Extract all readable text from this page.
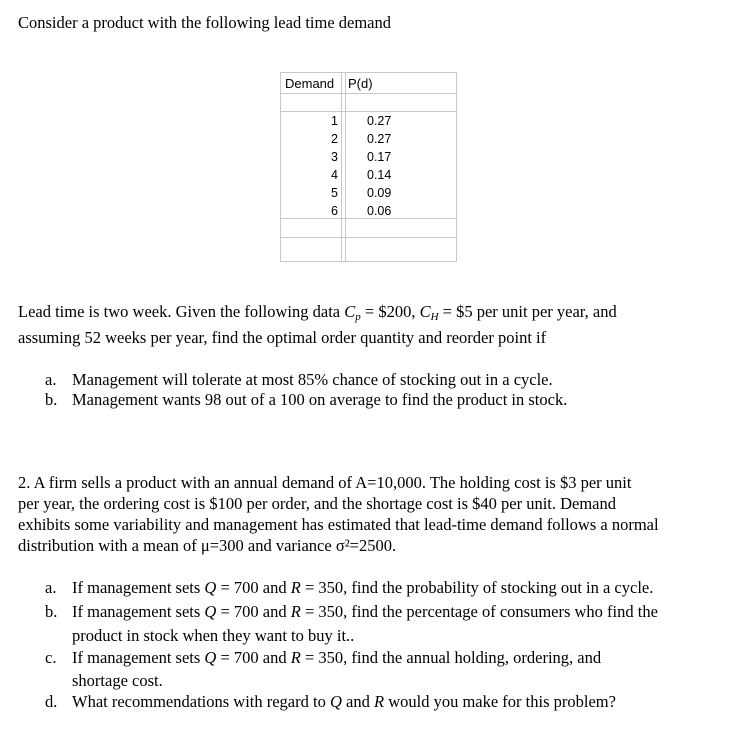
Consider a product with the following lead time demand
Demand P(d)
1 0.27
2 0.27
3 0.17
4 0.14
5 0.09
6 0.06
Lead time is two week. Given the following data $C_p$ = $200, $C_H$ = $5 per unit per year, and
assuming 52 weeks per year, find the optimal order quantity and reorder point if
a. Management will tolerate at most 85% chance of stocking out in a cycle.
b. Management wants 98 out of a 100 on average to find the product in stock.
2. A firm sells a product with an annual demand of A=10,000. The holding cost is $3 per unit
per year, the ordering cost is $100 per order, and the shortage cost is $40 per unit. Demand
exhibits some variability and management has estimated that lead-time demand follows a normal
distribution with a mean of μ=300 and variance σ²=2500.
a. If management sets Q = 700 and R = 350, find the probability of stocking out in a cycle.
b. If management sets Q = 700 and R = 350, find the percentage of consumers who find the
product in stock when they want to buy it..
c. If management sets Q = 700 and R = 350, find the annual holding, ordering, and
shortage cost.
d. What recommendations with regard to Q and R would you make for this problem?
